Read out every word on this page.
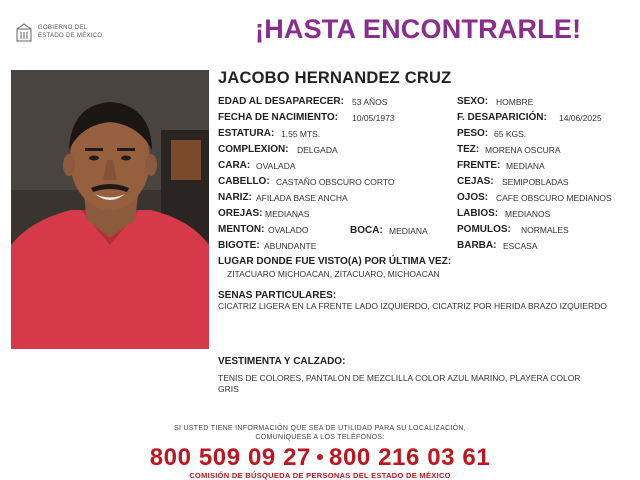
GOBIERNO DEL
ESTADO DE MÉXICO	¡HASTA ENCONTRARLE!
JACOBO HERNANDEZ CRUZ
EDAD AL DESAPARECER: 53 AÑOS
FECHA DE NACIMIENTO: 10/05/1973
ESTATURA: 1.55 MTS.
COMPLEXION: DELGADA
CARA: OVALADA
CABELLO: CASTAÑO OBSCURO CORTO
NARIZ: AFILADA BASE ANCHA
OREJAS: MEDIANAS
MENTON: OVALADO
BIGOTE: ABUNDANTE
BOCA: MEDIANA
SEXO: HOMBRE
F. DESAPARICIÓN: 14/06/2025
PESO: 65 KGS.
TEZ: MORENA OSCURA
FRENTE: MEDIANA
CEJAS: SEMIPOBLADAS
OJOS: CAFE OBSCURO MEDIANOS
LABIOS: MEDIANOS
POMULOS: NORMALES
BARBA: ESCASA
LUGAR DONDE FUE VISTO(A) POR ÚLTIMA VEZ:
ZITACUARO MICHOACAN, ZITACUARO, MICHOACAN
SENAS PARTICULARES:
CICATRIZ LIGERA EN LA FRENTE LADO IZQUIERDO, CICATRIZ POR HERIDA BRAZO IZQUIERDO
VESTIMENTA Y CALZADO:
TENIS DE COLORES, PANTALON DE MEZCLILLA COLOR AZUL MARINO, PLAYERA COLOR GRIS
SI USTED TIENE INFORMACIÓN QUE SEA DE UTILIDAD PARA SU LOCALIZACIÓN,
COMUNÍQUESE A LOS TELÉFONOS:
800 509 09 27 800 216 03 61
COMISIÓN DE BÚSQUEDA DE PERSONAS DEL ESTADO DE MÉXICO
